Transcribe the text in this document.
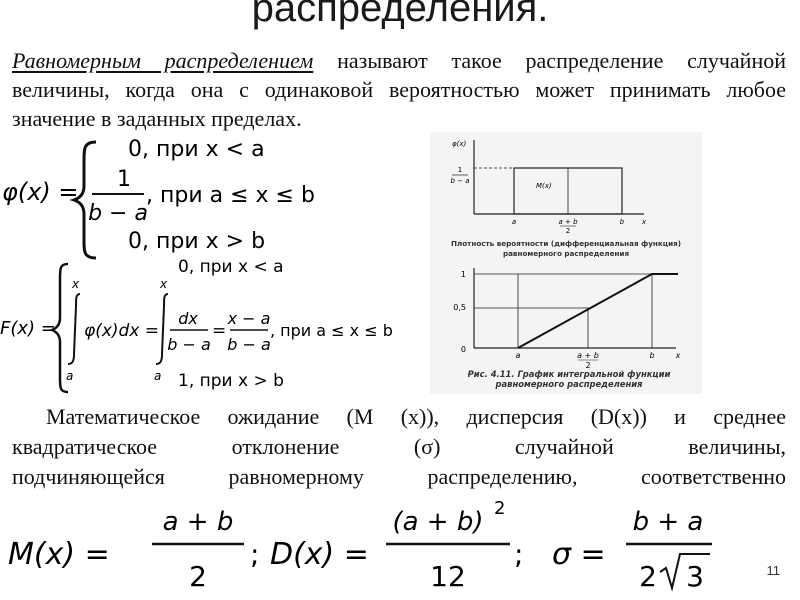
распределения.
Равномерным распределением называют такое распределение случайной величины, когда она с одинаковой вероятностью может принимать любое значение в заданных пределах.
φ(x) =
0, при x < a
1
b − a
, при a ≤ x ≤ b
0, при x > b
F(x) =
0, при x < a
x
a
φ(x)dx =
x
a
dx
b − a
=
x − a
b − a
, при a ≤ x ≤ b
1, при x > b
φ(x)
1
b − a
M(x)
a	a + b
2
b	x
Плотность вероятности (дифференциальная функция)
равномерного распределения
1
0,5
0
a	a + b
2
b	x
Рис. 4.11. График интегральной функции равномерного распределения
Математическое ожидание (М (х)), дисперсия (D(x)) и среднее
квадратическое отклонение (σ) случайной величины,
подчиняющейся равномерному распределению, соответственно
M(x) =
a + b
2
; D(x) =
(a + b) 2
12
; σ =
b + a
2 3	11
